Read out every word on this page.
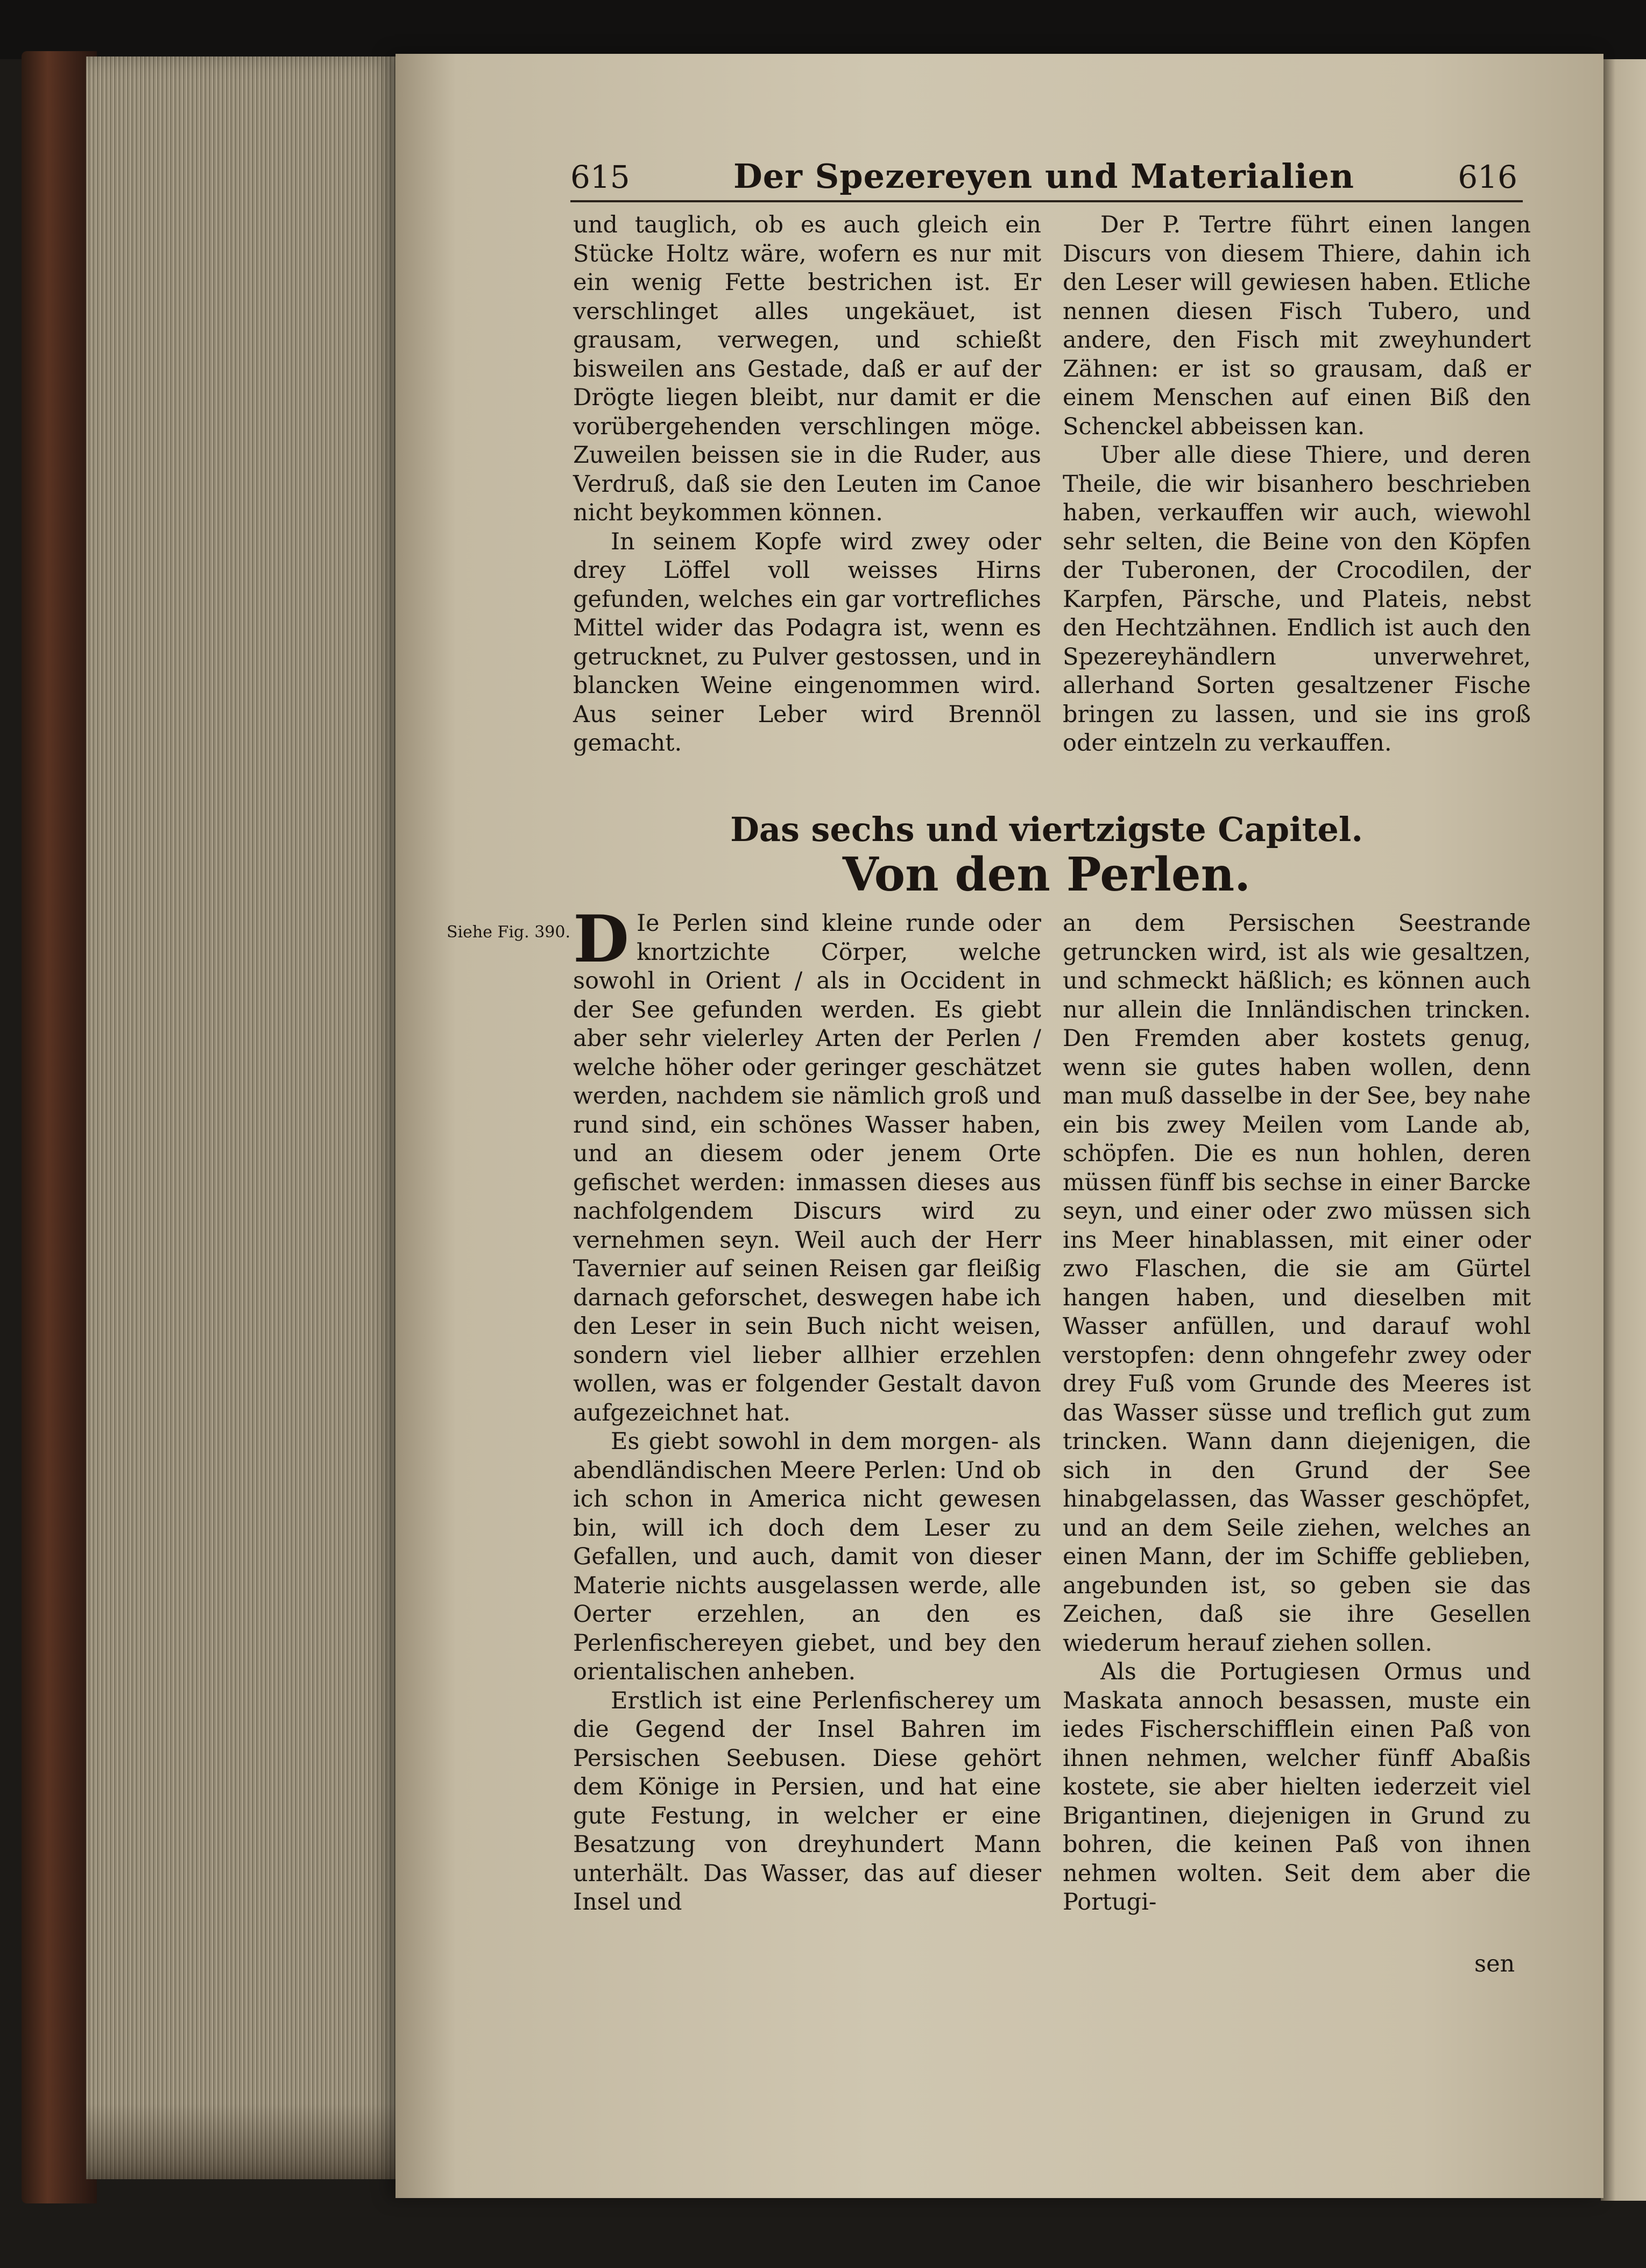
615	Der Spezereyen und Materialien	616

und tauglich, ob es auch gleich ein Stücke Holtz wäre, wofern es nur mit ein wenig Fette bestrichen ist. Er verschlinget alles ungekäuet, ist grausam, verwegen, und schießt bisweilen ans Gestade, daß er auf der Drögte liegen bleibt, nur damit er die vorübergehenden verschlingen möge. Zuweilen beissen sie in die Ruder, aus Verdruß, daß sie den Leuten im Canoe nicht beykommen können.

In seinem Kopfe wird zwey oder drey Löffel voll weisses Hirns gefunden, welches ein gar vortrefliches Mittel wider das Podagra ist, wenn es getrucknet, zu Pulver gestossen, und in blancken Weine eingenommen wird. Aus seiner Leber wird Brennöl gemacht.

Der P. Tertre führt einen langen Discurs von diesem Thiere, dahin ich den Leser will gewiesen haben. Etliche nennen diesen Fisch Tubero, und andere, den Fisch mit zweyhundert Zähnen: er ist so grausam, daß er einem Menschen auf einen Biß den Schenckel abbeissen kan.

Uber alle diese Thiere, und deren Theile, die wir bisanhero beschrieben haben, verkauffen wir auch, wiewohl sehr selten, die Beine von den Köpfen der Tuberonen, der Crocodilen, der Karpfen, Pärsche, und Plateis, nebst den Hechtzähnen. Endlich ist auch den Spezereyhändlern unverwehret, allerhand Sorten gesaltzener Fische bringen zu lassen, und sie ins groß oder eintzeln zu verkauffen.

Das sechs und viertzigste Capitel.
Von den Perlen.
Siehe Fig. 390. D Ie Perlen sind kleine runde oder knortzichte Cörper, welche sowohl in Orient / als in Occident in der See gefunden werden. Es giebt aber sehr vielerley Arten der Perlen / welche höher oder geringer geschätzet werden, nachdem sie nämlich groß und rund sind, ein schönes Wasser haben, und an diesem oder jenem Orte gefischet werden: inmassen dieses aus nachfolgendem Discurs wird zu vernehmen seyn. Weil auch der Herr Tavernier auf seinen Reisen gar fleißig darnach geforschet, deswegen habe ich den Leser in sein Buch nicht weisen, sondern viel lieber allhier erzehlen wollen, was er folgender Gestalt davon aufgezeichnet hat.

Es giebt sowohl in dem morgen- als abendländischen Meere Perlen: Und ob ich schon in America nicht gewesen bin, will ich doch dem Leser zu Gefallen, und auch, damit von dieser Materie nichts ausgelassen werde, alle Oerter erzehlen, an den es Perlenfischereyen giebet, und bey den orientalischen anheben.

Erstlich ist eine Perlenfischerey um die Gegend der Insel Bahren im Persischen Seebusen. Diese gehört dem Könige in Persien, und hat eine gute Festung, in welcher er eine Besatzung von dreyhundert Mann unterhält. Das Wasser, das auf dieser Insel und

an dem Persischen Seestrande getruncken wird, ist als wie gesaltzen, und schmeckt häßlich; es können auch nur allein die Innländischen trincken. Den Fremden aber kostets genug, wenn sie gutes haben wollen, denn man muß dasselbe in der See, bey nahe ein bis zwey Meilen vom Lande ab, schöpfen. Die es nun hohlen, deren müssen fünff bis sechse in einer Barcke seyn, und einer oder zwo müssen sich ins Meer hinablassen, mit einer oder zwo Flaschen, die sie am Gürtel hangen haben, und dieselben mit Wasser anfüllen, und darauf wohl verstopfen: denn ohngefehr zwey oder drey Fuß vom Grunde des Meeres ist das Wasser süsse und treflich gut zum trincken. Wann dann diejenigen, die sich in den Grund der See hinabgelassen, das Wasser geschöpfet, und an dem Seile ziehen, welches an einen Mann, der im Schiffe geblieben, angebunden ist, so geben sie das Zeichen, daß sie ihre Gesellen wiederum herauf ziehen sollen.

Als die Portugiesen Ormus und Maskata annoch besassen, muste ein iedes Fischerschifflein einen Paß von ihnen nehmen, welcher fünff Abaßis kostete, sie aber hielten iederzeit viel Brigantinen, diejenigen in Grund zu bohren, die keinen Paß von ihnen nehmen wolten. Seit dem aber die Portugi-

sen
